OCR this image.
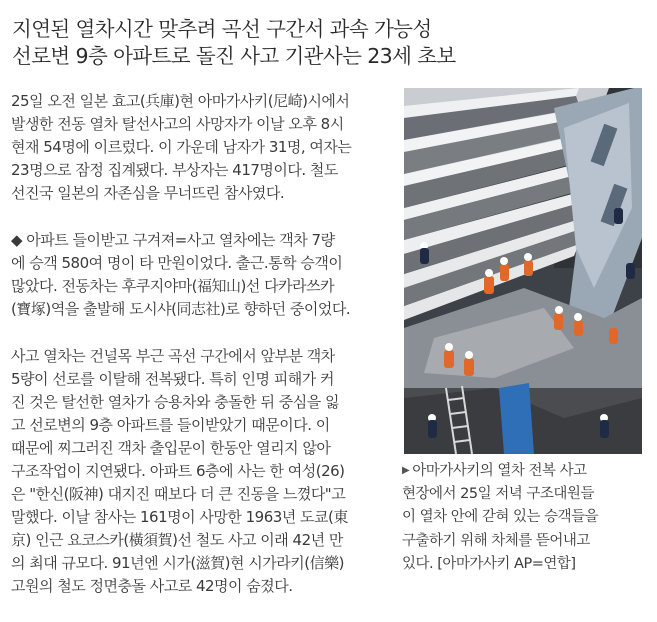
지연된 열차시간 맞추려 곡선 구간서 과속 가능성
선로변 9층 아파트로 돌진 사고 기관사는 23세 초보
25일 오전 일본 효고(兵庫)현 아마가사키(尼崎)시에서
발생한 전동 열차 탈선사고의 사망자가 이날 오후 8시
현재 54명에 이르렀다. 이 가운데 남자가 31명, 여자는
23명으로 잠정 집계됐다. 부상자는 417명이다. 철도
선진국 일본의 자존심을 무너뜨린 참사였다.
◆ 아파트 들이받고 구겨져=사고 열차에는 객차 7량
에 승객 580여 명이 타 만원이었다. 출근.통학 승객이
많았다. 전동차는 후쿠지야마(福知山)선 다카라쓰카
(寶塚)역을 출발해 도시샤(同志社)로 향하던 중이었다.
사고 열차는 건널목 부근 곡선 구간에서 앞부분 객차
5량이 선로를 이탈해 전복됐다. 특히 인명 피해가 커
진 것은 탈선한 열차가 승용차와 충돌한 뒤 중심을 잃
고 선로변의 9층 아파트를 들이받았기 때문이다. 이
때문에 찌그러진 객차 출입문이 한동안 열리지 않아
구조작업이 지연됐다. 아파트 6층에 사는 한 여성(26)
은 "한신(阪神) 대지진 때보다 더 큰 진동을 느꼈다"고
말했다. 이날 참사는 161명이 사망한 1963년 도쿄(東
京) 인근 요코스카(橫須賀)선 철도 사고 이래 42년 만
의 최대 규모다. 91년엔 시가(滋賀)현 시가라키(信樂)
고원의 철도 정면충돌 사고로 42명이 숨졌다.
▶ 아마가사키의 열차 전복 사고
현장에서 25일 저녁 구조대원들
이 열차 안에 갇혀 있는 승객들을
구출하기 위해 차체를 뜯어내고
있다. [아마가사키 AP=연합]
